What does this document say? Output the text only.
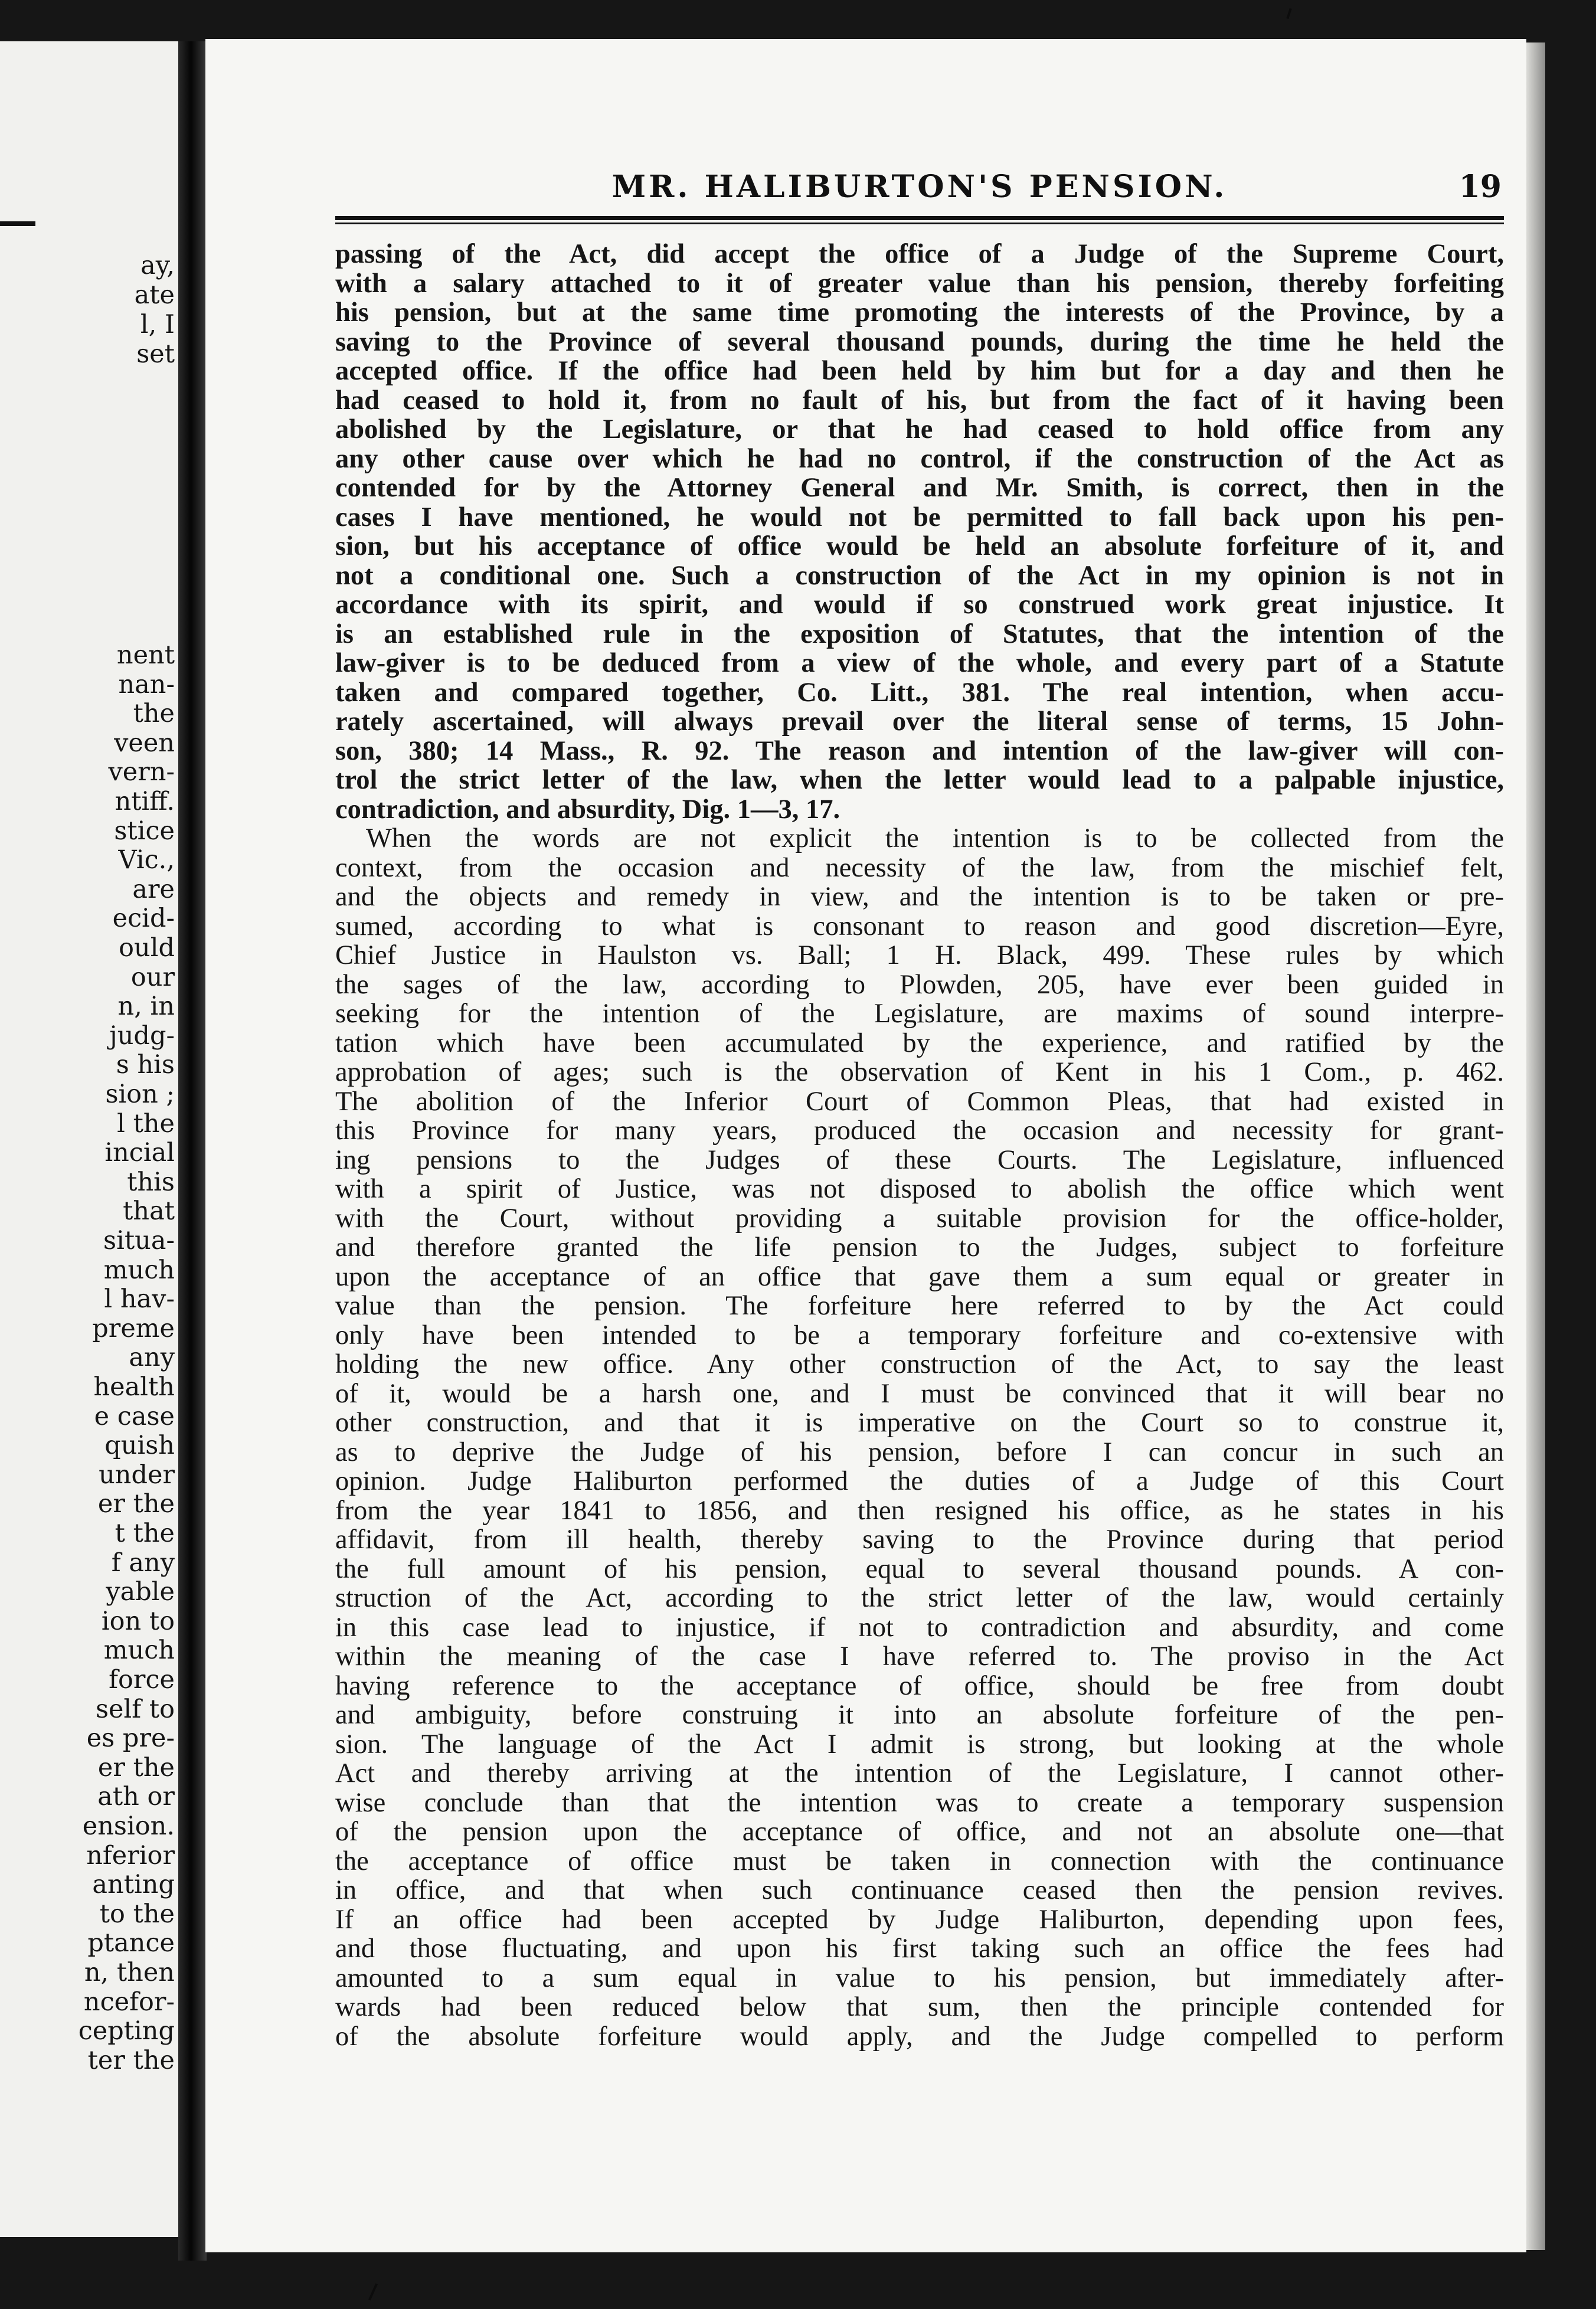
ay,
ate
l, I
set
nent
nan-
the
veen
vern-
ntiff.
stice
Vic.,
are
ecid-
ould
our
n, in
judg-
s his
sion ;
l the
incial
this
that
situa-
much
l hav-
preme
any
health
e case
quish
under
er the
t the
f any
yable
ion to
much
force
self to
es pre-
er the
ath or
ension.
nferior
anting
to the
ptance
n, then
ncefor-
cepting
ter the
MR. HALIBURTON'S PENSION.	19
passing of the Act, did accept the office of a Judge of the Supreme Court,
with a salary attached to it of greater value than his pension, thereby forfeiting
his pension, but at the same time promoting the interests of the Province, by a
saving to the Province of several thousand pounds, during the time he held the
accepted office. If the office had been held by him but for a day and then he
had ceased to hold it, from no fault of his, but from the fact of it having been
abolished by the Legislature, or that he had ceased to hold office from any
any other cause over which he had no control, if the construction of the Act as
contended for by the Attorney General and Mr. Smith, is correct, then in the
cases I have mentioned, he would not be permitted to fall back upon his pen-
sion, but his acceptance of office would be held an absolute forfeiture of it, and
not a conditional one. Such a construction of the Act in my opinion is not in
accordance with its spirit, and would if so construed work great injustice. It
is an established rule in the exposition of Statutes, that the intention of the
law-giver is to be deduced from a view of the whole, and every part of a Statute
taken and compared together, Co. Litt., 381. The real intention, when accu-
rately ascertained, will always prevail over the literal sense of terms, 15 John-
son, 380; 14 Mass., R. 92. The reason and intention of the law-giver will con-
trol the strict letter of the law, when the letter would lead to a palpable injustice,
contradiction, and absurdity, Dig. 1—3, 17.
When the words are not explicit the intention is to be collected from the
context, from the occasion and necessity of the law, from the mischief felt,
and the objects and remedy in view, and the intention is to be taken or pre-
sumed, according to what is consonant to reason and good discretion—Eyre,
Chief Justice in Haulston vs. Ball; 1 H. Black, 499. These rules by which
the sages of the law, according to Plowden, 205, have ever been guided in
seeking for the intention of the Legislature, are maxims of sound interpre-
tation which have been accumulated by the experience, and ratified by the
approbation of ages; such is the observation of Kent in his 1 Com., p. 462.
The abolition of the Inferior Court of Common Pleas, that had existed in
this Province for many years, produced the occasion and necessity for grant-
ing pensions to the Judges of these Courts. The Legislature, influenced
with a spirit of Justice, was not disposed to abolish the office which went
with the Court, without providing a suitable provision for the office-holder,
and therefore granted the life pension to the Judges, subject to forfeiture
upon the acceptance of an office that gave them a sum equal or greater in
value than the pension. The forfeiture here referred to by the Act could
only have been intended to be a temporary forfeiture and co-extensive with
holding the new office. Any other construction of the Act, to say the least
of it, would be a harsh one, and I must be convinced that it will bear no
other construction, and that it is imperative on the Court so to construe it,
as to deprive the Judge of his pension, before I can concur in such an
opinion. Judge Haliburton performed the duties of a Judge of this Court
from the year 1841 to 1856, and then resigned his office, as he states in his
affidavit, from ill health, thereby saving to the Province during that period
the full amount of his pension, equal to several thousand pounds. A con-
struction of the Act, according to the strict letter of the law, would certainly
in this case lead to injustice, if not to contradiction and absurdity, and come
within the meaning of the case I have referred to. The proviso in the Act
having reference to the acceptance of office, should be free from doubt
and ambiguity, before construing it into an absolute forfeiture of the pen-
sion. The language of the Act I admit is strong, but looking at the whole
Act and thereby arriving at the intention of the Legislature, I cannot other-
wise conclude than that the intention was to create a temporary suspension
of the pension upon the acceptance of office, and not an absolute one—that
the acceptance of office must be taken in connection with the continuance
in office, and that when such continuance ceased then the pension revives.
If an office had been accepted by Judge Haliburton, depending upon fees,
and those fluctuating, and upon his first taking such an office the fees had
amounted to a sum equal in value to his pension, but immediately after-
wards had been reduced below that sum, then the principle contended for
of the absolute forfeiture would apply, and the Judge compelled to perform
